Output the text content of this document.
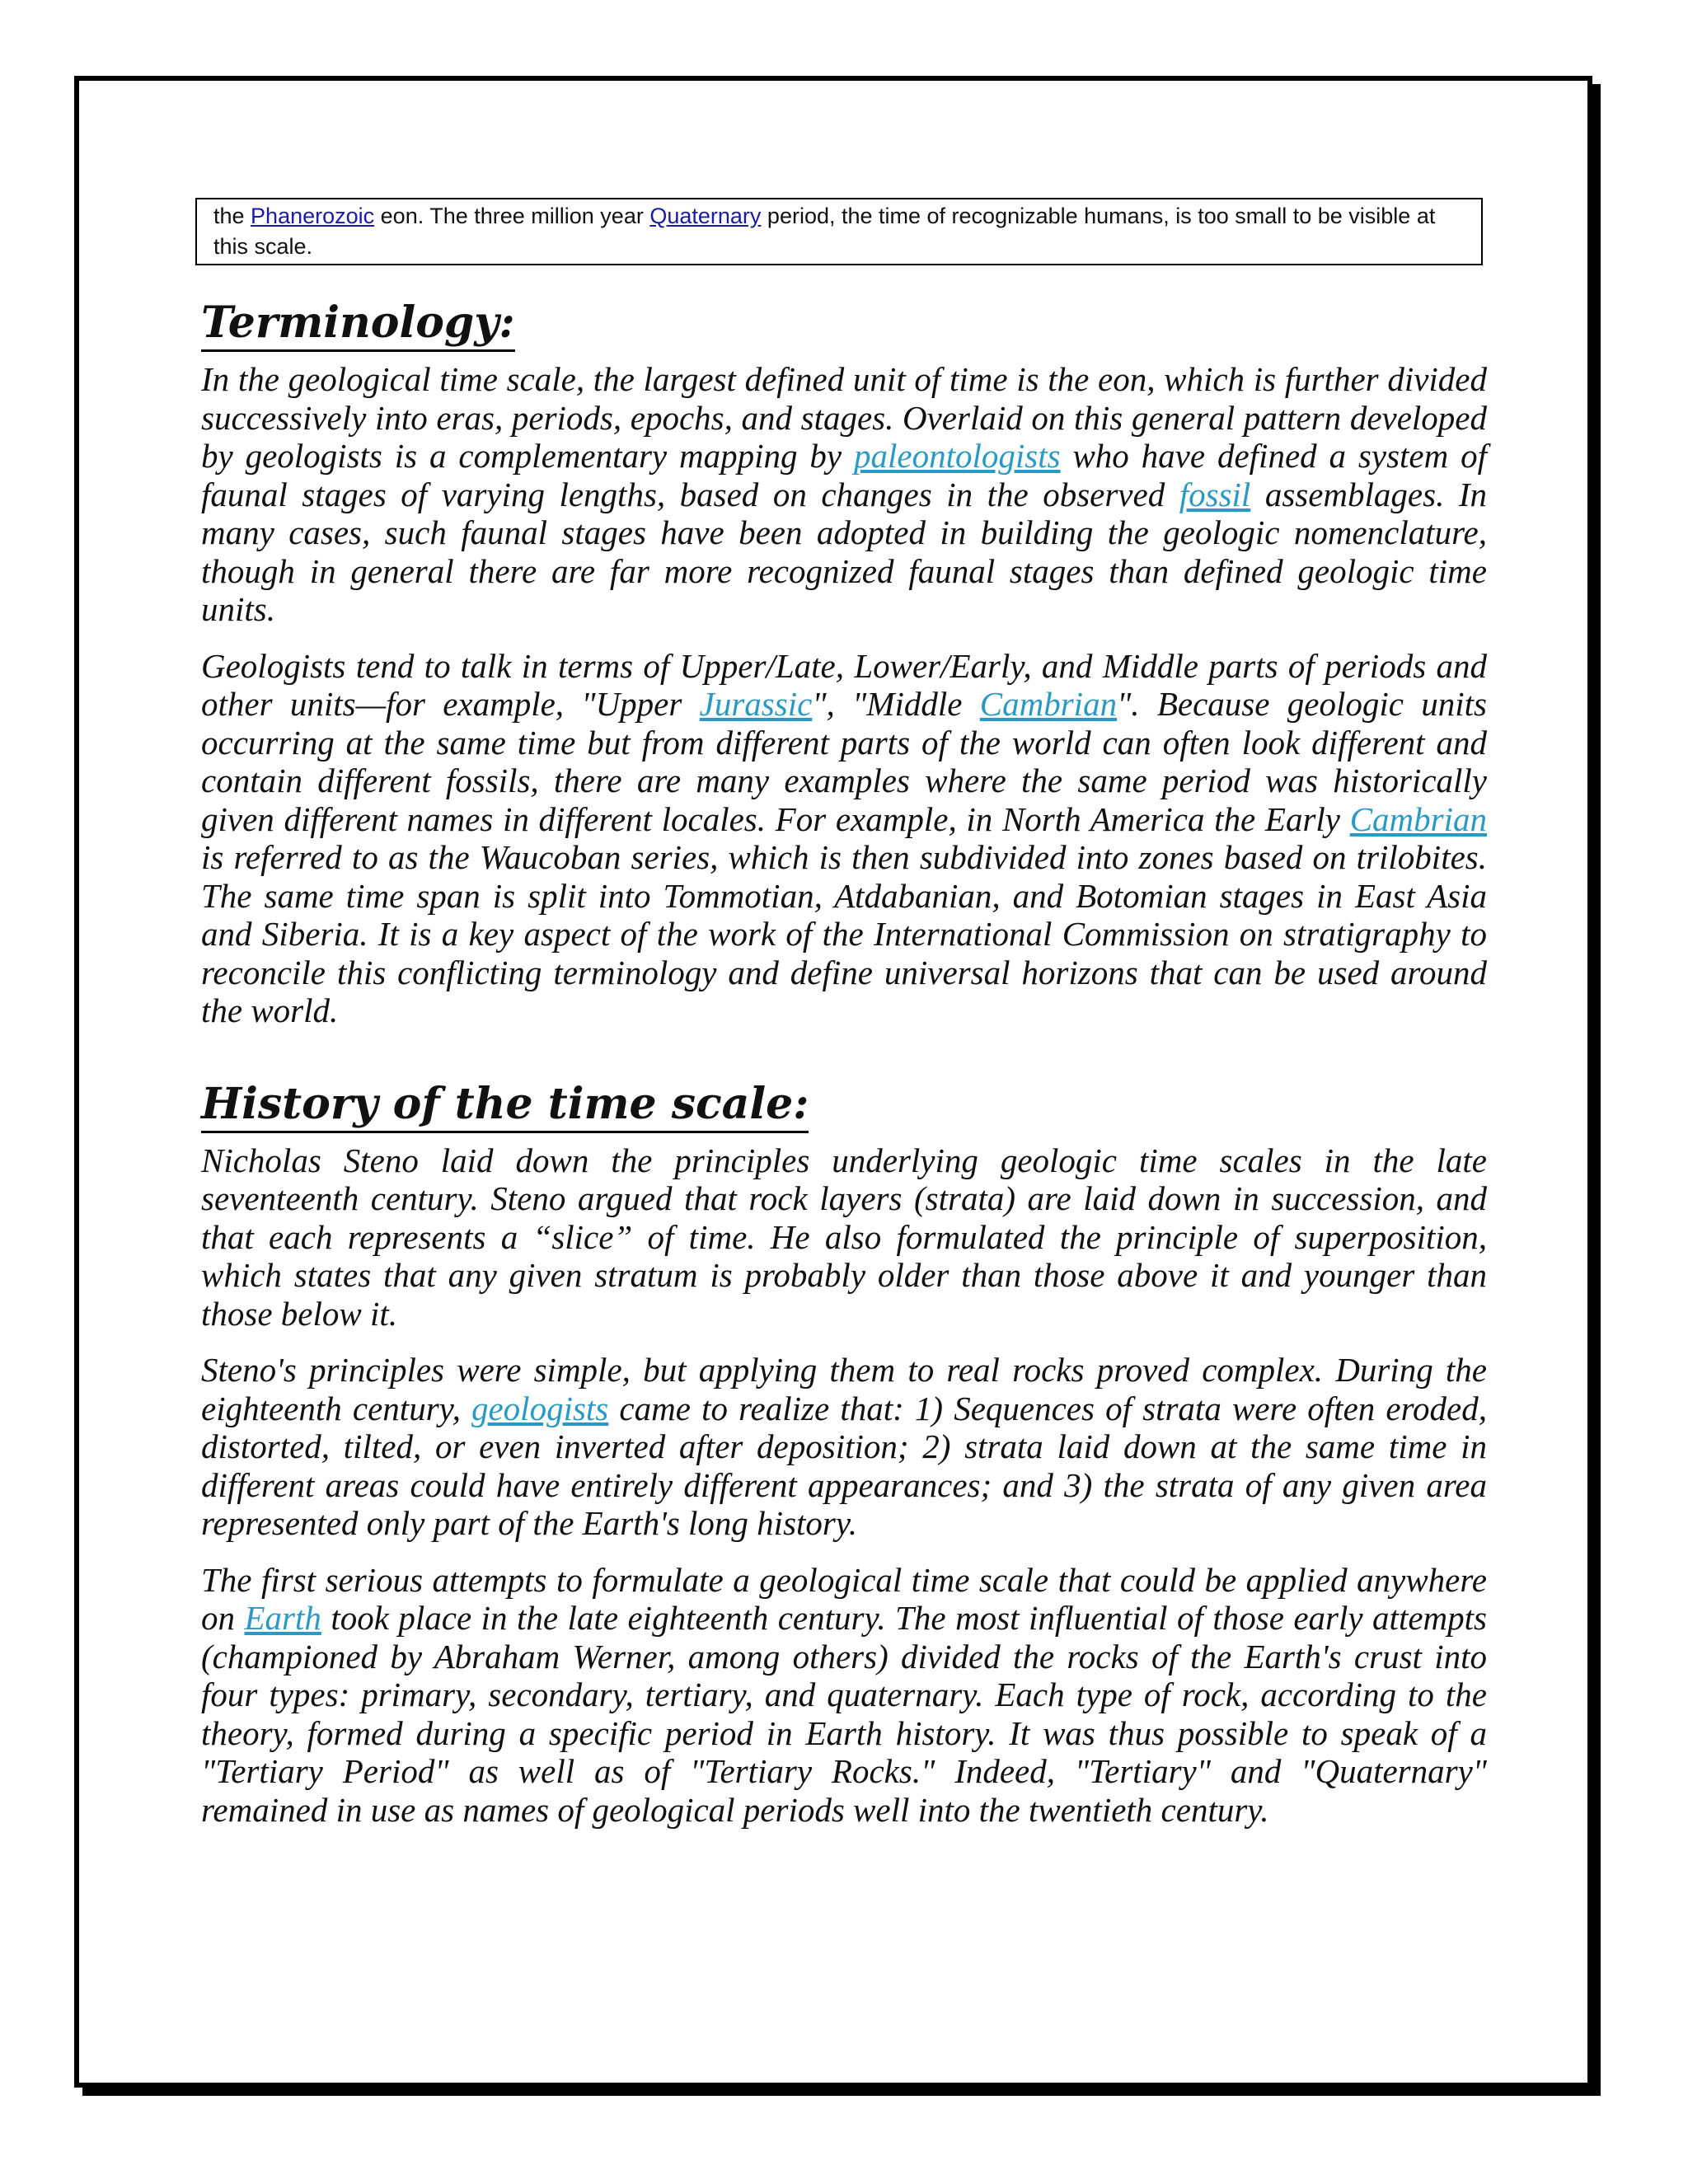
the Phanerozoic eon. The three million year Quaternary period, the time of recognizable humans, is too small to be visible at this scale.
Terminology:

In the geological time scale, the largest defined unit of time is the eon, which is further divided successively into eras, periods, epochs, and stages. Overlaid on this general pattern developed by geologists is a complementary mapping by paleontologists who have defined a system of faunal stages of varying lengths, based on changes in the observed fossil assemblages. In many cases, such faunal stages have been adopted in building the geologic nomenclature, though in general there are far more recognized faunal stages than defined geologic time units.

Geologists tend to talk in terms of Upper/Late, Lower/Early, and Middle parts of periods and other units—for example, "Upper Jurassic", "Middle Cambrian". Because geologic units occurring at the same time but from different parts of the world can often look different and contain different fossils, there are many examples where the same period was historically given different names in different locales. For example, in North America the Early Cambrian is referred to as the Waucoban series, which is then subdivided into zones based on trilobites. The same time span is split into Tommotian, Atdabanian, and Botomian stages in East Asia and Siberia. It is a key aspect of the work of the International Commission on stratigraphy to reconcile this conflicting terminology and define universal horizons that can be used around the world.

History of the time scale:

Nicholas Steno laid down the principles underlying geologic time scales in the late seventeenth century. Steno argued that rock layers (strata) are laid down in succession, and that each represents a “slice” of time. He also formulated the principle of superposition, which states that any given stratum is probably older than those above it and younger than those below it.

Steno's principles were simple, but applying them to real rocks proved complex. During the eighteenth century, geologists came to realize that: 1) Sequences of strata were often eroded, distorted, tilted, or even inverted after deposition; 2) strata laid down at the same time in different areas could have entirely different appearances; and 3) the strata of any given area represented only part of the Earth's long history.

The first serious attempts to formulate a geological time scale that could be applied anywhere on Earth took place in the late eighteenth century. The most influential of those early attempts (championed by Abraham Werner, among others) divided the rocks of the Earth's crust into four types: primary, secondary, tertiary, and quaternary. Each type of rock, according to the theory, formed during a specific period in Earth history. It was thus possible to speak of a "Tertiary Period" as well as of "Tertiary Rocks." Indeed, "Tertiary" and "Quaternary" remained in use as names of geological periods well into the twentieth century.
